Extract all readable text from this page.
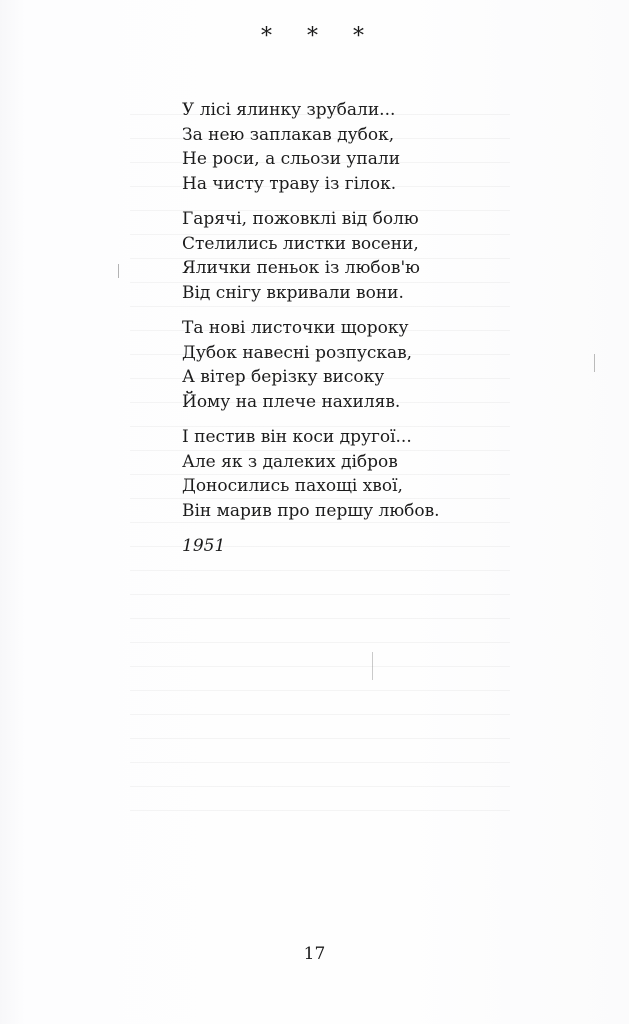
* * *
У лісі ялинку зрубали...
За нею заплакав дубок,
Не роси, а сльози упали
На чисту траву із гілок.
Гарячі, пожовклі від болю
Стелились листки восени,
Ялички пеньок із любов'ю
Від снігу вкривали вони.
Та нові листочки щороку
Дубок навесні розпускав,
А вітер берізку високу
Йому на плече нахиляв.
І пестив він коси другої...
Але як з далеких дібров
Доносились пахощі хвої,
Він марив про першу любов.
1951
17
